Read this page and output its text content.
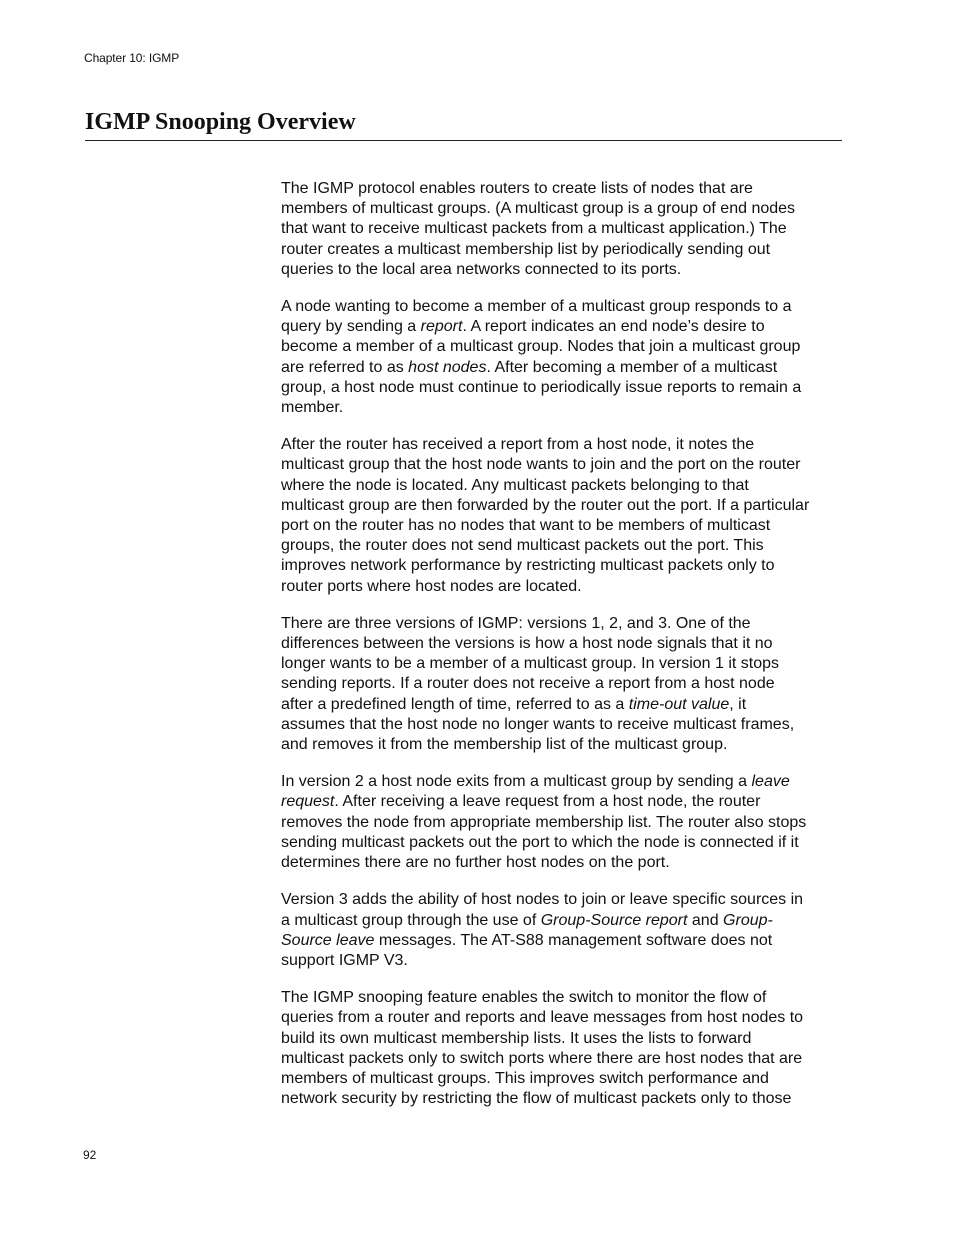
Chapter 10: IGMP
IGMP Snooping Overview

The IGMP protocol enables routers to create lists of nodes that are
members of multicast groups. (A multicast group is a group of end nodes
that want to receive multicast packets from a multicast application.) The
router creates a multicast membership list by periodically sending out
queries to the local area networks connected to its ports.

A node wanting to become a member of a multicast group responds to a
query by sending a report. A report indicates an end node’s desire to
become a member of a multicast group. Nodes that join a multicast group
are referred to as host nodes. After becoming a member of a multicast
group, a host node must continue to periodically issue reports to remain a
member.

After the router has received a report from a host node, it notes the
multicast group that the host node wants to join and the port on the router
where the node is located. Any multicast packets belonging to that
multicast group are then forwarded by the router out the port. If a particular
port on the router has no nodes that want to be members of multicast
groups, the router does not send multicast packets out the port. This
improves network performance by restricting multicast packets only to
router ports where host nodes are located.

There are three versions of IGMP: versions 1, 2, and 3. One of the
differences between the versions is how a host node signals that it no
longer wants to be a member of a multicast group. In version 1 it stops
sending reports. If a router does not receive a report from a host node
after a predefined length of time, referred to as a time-out value, it
assumes that the host node no longer wants to receive multicast frames,
and removes it from the membership list of the multicast group.

In version 2 a host node exits from a multicast group by sending a leave
request. After receiving a leave request from a host node, the router
removes the node from appropriate membership list. The router also stops
sending multicast packets out the port to which the node is connected if it
determines there are no further host nodes on the port.

Version 3 adds the ability of host nodes to join or leave specific sources in
a multicast group through the use of Group-Source report and Group-
Source leave messages. The AT-S88 management software does not
support IGMP V3.

The IGMP snooping feature enables the switch to monitor the flow of
queries from a router and reports and leave messages from host nodes to
build its own multicast membership lists. It uses the lists to forward
multicast packets only to switch ports where there are host nodes that are
members of multicast groups. This improves switch performance and
network security by restricting the flow of multicast packets only to those

92
